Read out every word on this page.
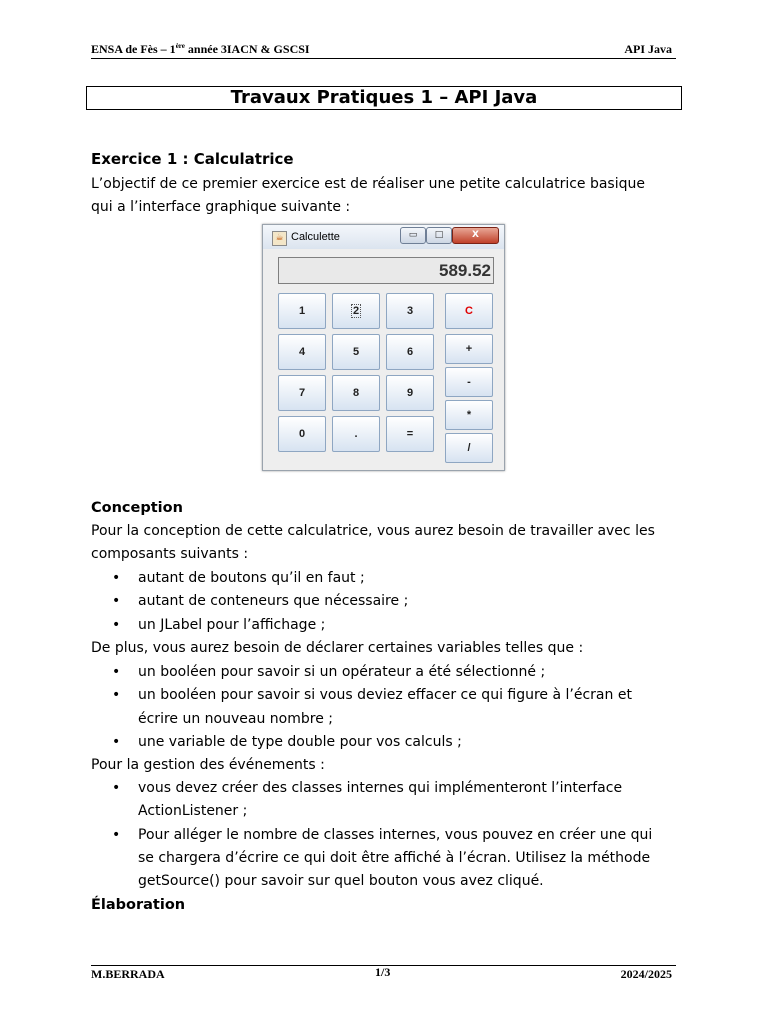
ENSA de Fès – 1ère année 3IACN & GSCSI	API Java
Travaux Pratiques 1 – API Java
Exercice 1 : Calculatrice
L’objectif de ce premier exercice est de réaliser une petite calculatrice basique
qui a l’interface graphique suivante :
☕ Calculette	▭	□	X
589.52
1	2	3
4	5	6
7	8	9
0	.	=
C
+
-
*
/
Conception
Pour la conception de cette calculatrice, vous aurez besoin de travailler avec les
composants suivants :
• autant de boutons qu’il en faut ;
• autant de conteneurs que nécessaire ;
• un JLabel pour l’affichage ;
De plus, vous aurez besoin de déclarer certaines variables telles que :
• un booléen pour savoir si un opérateur a été sélectionné ;
• un booléen pour savoir si vous deviez effacer ce qui figure à l’écran et
écrire un nouveau nombre ;
• une variable de type double pour vos calculs ;
Pour la gestion des événements :
• vous devez créer des classes internes qui implémenteront l’interface
ActionListener ;
• Pour alléger le nombre de classes internes, vous pouvez en créer une qui
se chargera d’écrire ce qui doit être affiché à l’écran. Utilisez la méthode
getSource() pour savoir sur quel bouton vous avez cliqué.
Élaboration
M.BERRADA	1/3	2024/2025
